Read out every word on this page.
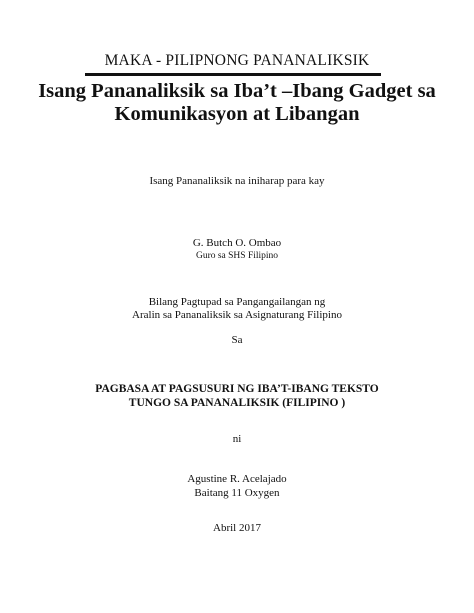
MAKA - PILIPNONG PANANALIKSIK
Isang Pananaliksik sa Iba’t –Ibang Gadget sa
Komunikasyon at Libangan
Isang Pananaliksik na iniharap para kay
G. Butch O. Ombao
Guro sa SHS Filipino
Bilang Pagtupad sa Pangangailangan ng
Aralin sa Pananaliksik sa Asignaturang Filipino
Sa
PAGBASA AT PAGSUSURI NG IBA’T-IBANG TEKSTO
TUNGO SA PANANALIKSIK (FILIPINO )
ni
Agustine R. Acelajado
Baitang 11 Oxygen
Abril 2017
